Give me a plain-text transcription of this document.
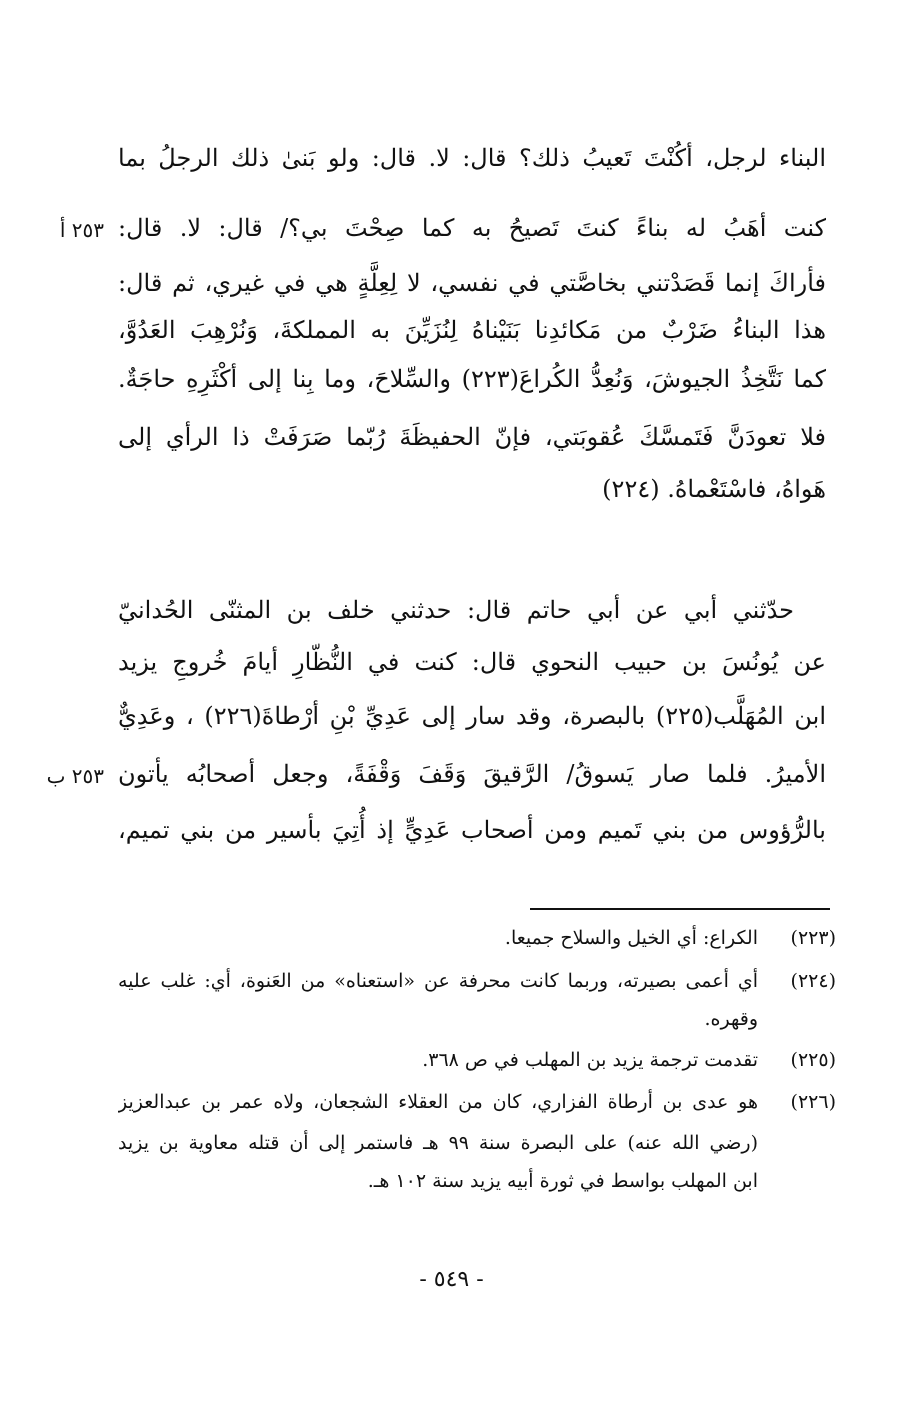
البناء لرجل، أكُنْتَ تَعيبُ ذلك؟ قال: لا. قال: ولو بَنىٰ ذلك الرجلُ بما
كنت أهَبُ له بناءً كنتَ تَصيحُ به كما صِحْتَ بي؟/ قال: لا. قال:
فأراكَ إنما قَصَدْتني بخاصَّتي في نفسي، لا لِعِلَّةٍ هي في غيري، ثم قال:
هذا البناءُ ضَرْبٌ من مَكائدِنا بَنَيْناهُ لِنُزَيِّنَ به المملكةَ، وَنُرْهِبَ العَدُوَّ،
كما نَتَّخِذُ الجيوشَ، وَنُعِدُّ الكُراعَ(٢٢٣) والسِّلاحَ، وما بِنا إلى أكْثَرِهِ حاجَةٌ.
فلا تعودَنَّ فَتَمسَّكَ عُقوبَتي، فإنّ الحفيظَةَ رُبّما صَرَفَتْ ذا الرأي إلى
هَواهُ، فاسْتَعْماهُ. (٢٢٤)
حدّثني أبي عن أبي حاتم قال: حدثني خلف بن المثنّى الحُدانيّ
عن يُونُسَ بن حبيب النحوي قال: كنت في النُّظّارِ أيامَ خُروجِ يزيد
ابن المُهَلَّب(٢٢٥) بالبصرة، وقد سار إلى عَدِيِّ بْنِ أرْطاةَ(٢٢٦) ، وعَدِيٌّ
الأميرُ. فلما صار يَسوقُ/ الرَّقيقَ وَقَفَ وَقْفَةً، وجعل أصحابُه يأتون
بالرُّؤوس من بني تَميم ومن أصحاب عَدِيٍّ إذ أُتِيَ بأسير من بني تميم،
٢٥٣ أ
٢٥٣ ب
(٢٢٣)
الكراع: أي الخيل والسلاح جميعا.
(٢٢٤)
أي أعمى بصيرته، وربما كانت محرفة عن «استعناه» من العَنوة، أي: غلب عليه
وقهره.
(٢٢٥)
تقدمت ترجمة يزيد بن المهلب في ص ٣٦٨.
(٢٢٦)
هو عدى بن أرطاة الفزاري، كان من العقلاء الشجعان، ولاه عمر بن عبدالعزيز
(رضي الله عنه) على البصرة سنة ٩٩ هـ فاستمر إلى أن قتله معاوية بن يزيد
ابن المهلب بواسط في ثورة أبيه يزيد سنة ١٠٢ هـ.
- ٥٤٩ -
